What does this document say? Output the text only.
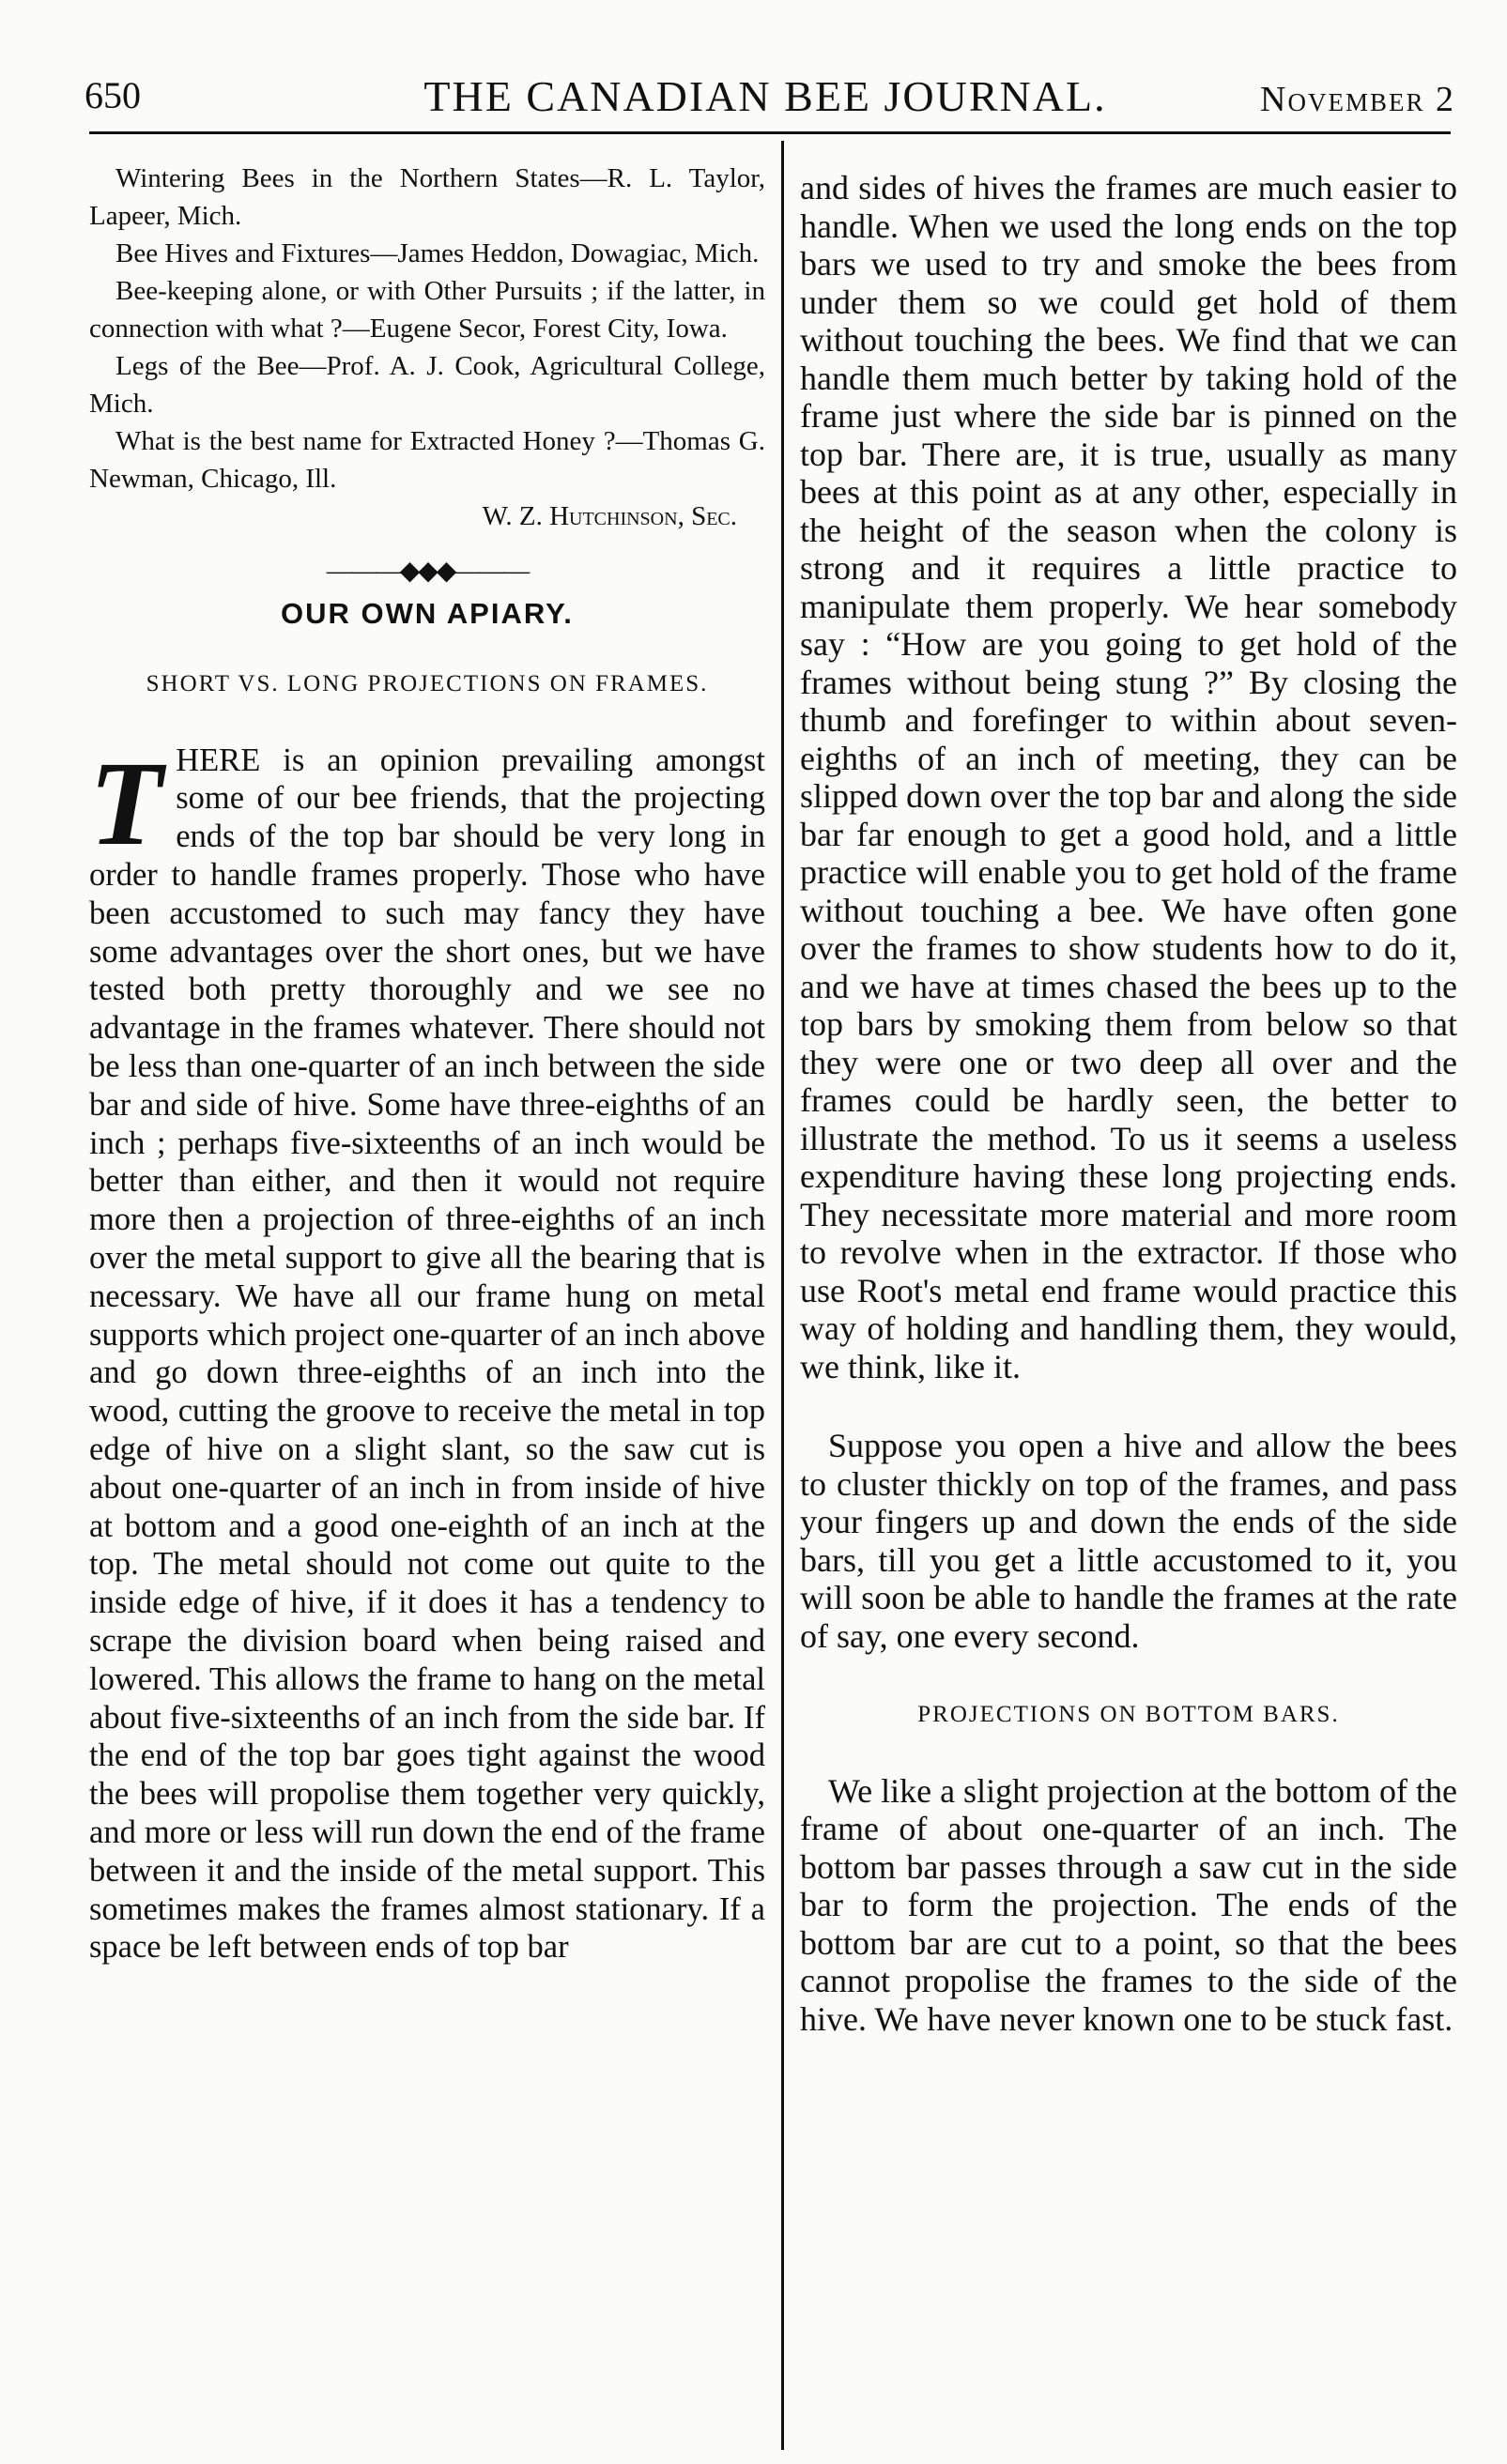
650	THE CANADIAN BEE JOURNAL.	November 2

Wintering Bees in the Northern States—R. L. Taylor, Lapeer, Mich.

Bee Hives and Fixtures—James Heddon, Dowagiac, Mich.

Bee-keeping alone, or with Other Pursuits ; if the latter, in connection with what ?—Eugene Secor, Forest City, Iowa.

Legs of the Bee—Prof. A. J. Cook, Agricultural College, Mich.

What is the best name for Extracted Honey ?—Thomas G. Newman, Chicago, Ill.

W. Z. Hutchinson, Sec.

———◆◆◆———
OUR OWN APIARY.
SHORT VS. LONG PROJECTIONS ON FRAMES.

THERE is an opinion prevailing amongst some of our bee friends, that the projecting ends of the top bar should be very long in order to handle frames properly. Those who have been accustomed to such may fancy they have some advantages over the short ones, but we have tested both pretty thoroughly and we see no advantage in the frames whatever. There should not be less than one-quarter of an inch between the side bar and side of hive. Some have three-eighths of an inch ; perhaps five-sixteenths of an inch would be better than either, and then it would not require more then a projection of three-eighths of an inch over the metal support to give all the bearing that is necessary. We have all our frame hung on metal supports which project one-quarter of an inch above and go down three-eighths of an inch into the wood, cutting the groove to receive the metal in top edge of hive on a slight slant, so the saw cut is about one-quarter of an inch in from inside of hive at bottom and a good one-eighth of an inch at the top. The metal should not come out quite to the inside edge of hive, if it does it has a tendency to scrape the division board when being raised and lowered. This allows the frame to hang on the metal about five-sixteenths of an inch from the side bar. If the end of the top bar goes tight against the wood the bees will propolise them together very quickly, and more or less will run down the end of the frame between it and the inside of the metal support. This sometimes makes the frames almost stationary. If a space be left between ends of top bar

and sides of hives the frames are much easier to handle. When we used the long ends on the top bars we used to try and smoke the bees from under them so we could get hold of them without touching the bees. We find that we can handle them much better by taking hold of the frame just where the side bar is pinned on the top bar. There are, it is true, usually as many bees at this point as at any other, especially in the height of the season when the colony is strong and it requires a little practice to manipulate them properly. We hear somebody say : “How are you going to get hold of the frames without being stung ?” By closing the thumb and forefinger to within about seven-eighths of an inch of meeting, they can be slipped down over the top bar and along the side bar far enough to get a good hold, and a little practice will enable you to get hold of the frame without touching a bee. We have often gone over the frames to show students how to do it, and we have at times chased the bees up to the top bars by smoking them from below so that they were one or two deep all over and the frames could be hardly seen, the better to illustrate the method. To us it seems a useless expenditure having these long projecting ends. They necessitate more material and more room to revolve when in the extractor. If those who use Root's metal end frame would practice this way of holding and handling them, they would, we think, like it.

Suppose you open a hive and allow the bees to cluster thickly on top of the frames, and pass your fingers up and down the ends of the side bars, till you get a little accustomed to it, you will soon be able to handle the frames at the rate of say, one every second.

PROJECTIONS ON BOTTOM BARS.

We like a slight projection at the bottom of the frame of about one-quarter of an inch. The bottom bar passes through a saw cut in the side bar to form the projection. The ends of the bottom bar are cut to a point, so that the bees cannot propolise the frames to the side of the hive. We have never known one to be stuck fast.
